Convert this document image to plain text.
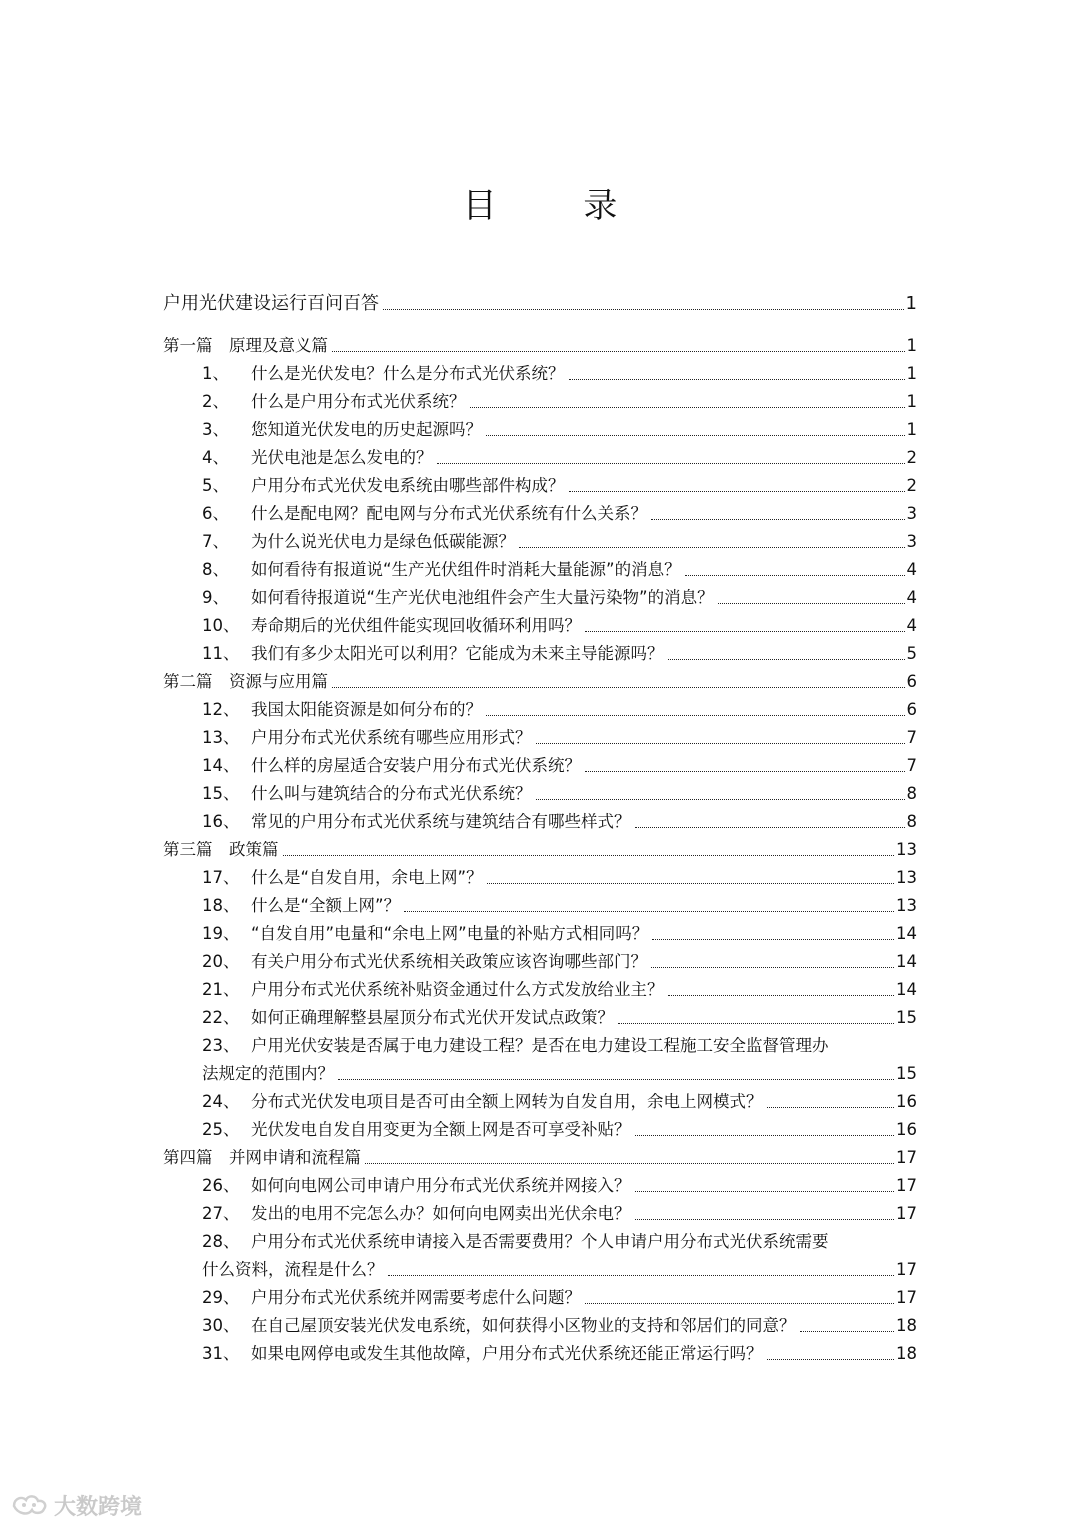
目 录
户用光伏建设运行百问百答	1
第一篇	原理及意义篇	1
1、	什么是光伏发电？什么是分布式光伏系统？	1
2、	什么是户用分布式光伏系统？	1
3、	您知道光伏发电的历史起源吗？	1
4、	光伏电池是怎么发电的？	2
5、	户用分布式光伏发电系统由哪些部件构成？	2
6、	什么是配电网？配电网与分布式光伏系统有什么关系？	3
7、	为什么说光伏电力是绿色低碳能源？	3
8、	如何看待有报道说“生产光伏组件时消耗大量能源”的消息？	4
9、	如何看待报道说“生产光伏电池组件会产生大量污染物”的消息？	4
10、 寿命期后的光伏组件能实现回收循环利用吗？	4
11、 我们有多少太阳光可以利用？它能成为未来主导能源吗？	5
第二篇	资源与应用篇	6
12、 我国太阳能资源是如何分布的？	6
13、 户用分布式光伏系统有哪些应用形式？	7
14、 什么样的房屋适合安装户用分布式光伏系统？	7
15、 什么叫与建筑结合的分布式光伏系统？	8
16、 常见的户用分布式光伏系统与建筑结合有哪些样式？	8
第三篇	政策篇	13
17、 什么是“自发自用，余电上网”？	13
18、 什么是“全额上网”？	13
19、 “自发自用”电量和“余电上网”电量的补贴方式相同吗？	14
20、 有关户用分布式光伏系统相关政策应该咨询哪些部门？	14
21、 户用分布式光伏系统补贴资金通过什么方式发放给业主？	14
22、 如何正确理解整县屋顶分布式光伏开发试点政策？	15
23、 户用光伏安装是否属于电力建设工程？是否在电力建设工程施工安全监督管理办
法规定的范围内？	15
24、 分布式光伏发电项目是否可由全额上网转为自发自用，余电上网模式？	16
25、 光伏发电自发自用变更为全额上网是否可享受补贴？	16
第四篇	并网申请和流程篇	17
26、 如何向电网公司申请户用分布式光伏系统并网接入？	17
27、 发出的电用不完怎么办？如何向电网卖出光伏余电？	17
28、 户用分布式光伏系统申请接入是否需要费用？个人申请户用分布式光伏系统需要
什么资料，流程是什么？	17
29、 户用分布式光伏系统并网需要考虑什么问题？	17
30、 在自己屋顶安装光伏发电系统，如何获得小区物业的支持和邻居们的同意？	18
31、 如果电网停电或发生其他故障，户用分布式光伏系统还能正常运行吗？	18
大数跨境
